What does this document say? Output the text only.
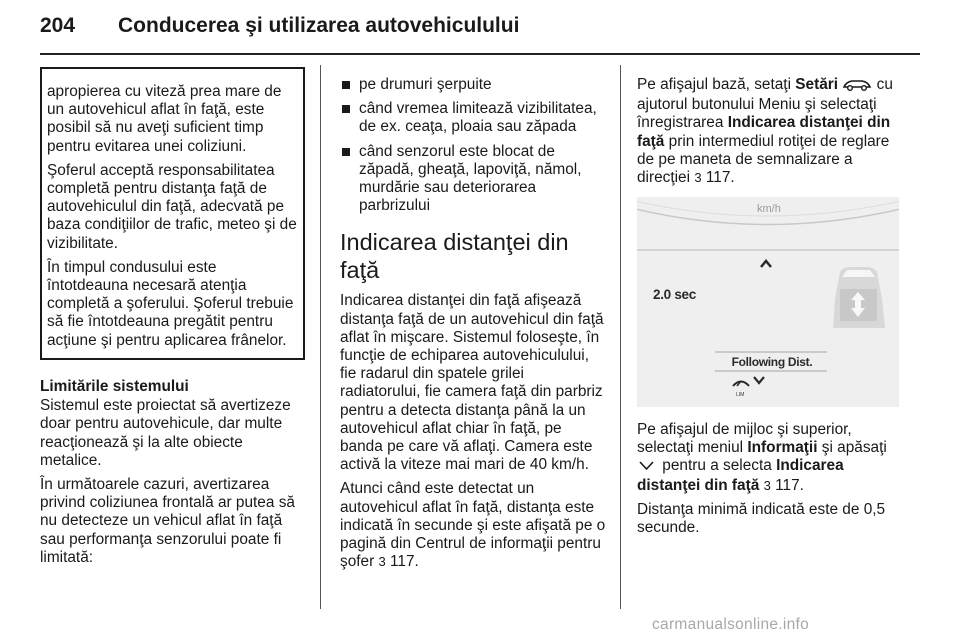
204 Conducerea şi utilizarea autovehiculului

apropierea cu viteză prea mare de un autovehicul aflat în faţă, este posibil să nu aveţi suficient timp pentru evitarea unei coliziuni.

Şoferul acceptă responsabilitatea completă pentru distanţa faţă de autovehiculul din faţă, adecvată pe baza condiţiilor de trafic, meteo şi de vizibilitate.

În timpul condusului este întotdeauna necesară atenţia completă a şoferului. Şoferul trebuie să fie întotdeauna pregătit pentru acţiune şi pentru aplicarea frânelor.

Limitările sistemului

Sistemul este proiectat să avertizeze doar pentru autovehicule, dar multe reacţionează şi la alte obiecte metalice.

În următoarele cazuri, avertizarea privind coliziunea frontală ar putea să nu detecteze un vehicul aflat în faţă sau performanţa senzorului poate fi limitată:

pe drumuri şerpuite
când vremea limitează vizibilitatea, de ex. ceaţa, ploaia sau zăpada
când senzorul este blocat de zăpadă, gheaţă, lapoviţă, nămol, murdărie sau deteriorarea parbrizului
Indicarea distanţei din faţă

Indicarea distanţei din faţă afişează distanţa faţă de un autovehicul din faţă aflat în mişcare. Sistemul foloseşte, în funcţie de echiparea autovehiculului, fie radarul din spatele grilei radiatorului, fie camera faţă din parbriz pentru a detecta distanţa până la un autovehicul aflat chiar în faţă, pe banda pe care vă aflaţi. Camera este activă la viteze mai mari de 40 km/h.

Atunci când este detectat un autovehicul aflat în faţă, distanţa este indicată în secunde şi este afişată pe o pagină din Centrul de informaţii pentru şofer 3 117.

Pe afişajul bază, setaţi Setări	cu ajutorul butonului Meniu şi selectaţi înregistrarea Indicarea distanţei din faţă prin intermediul rotiţei de reglare de pe maneta de semnalizare a direcţiei 3 117.

km/h
2.0 sec
Following Dist.
LIM

Pe afişajul de mijloc şi superior, selectaţi meniul Informaţii şi apăsaţi  pentru a selecta Indicarea distanţei din faţă 3 117.

Distanţa minimă indicată este de 0,5 secunde.

carmanualsonline.info
